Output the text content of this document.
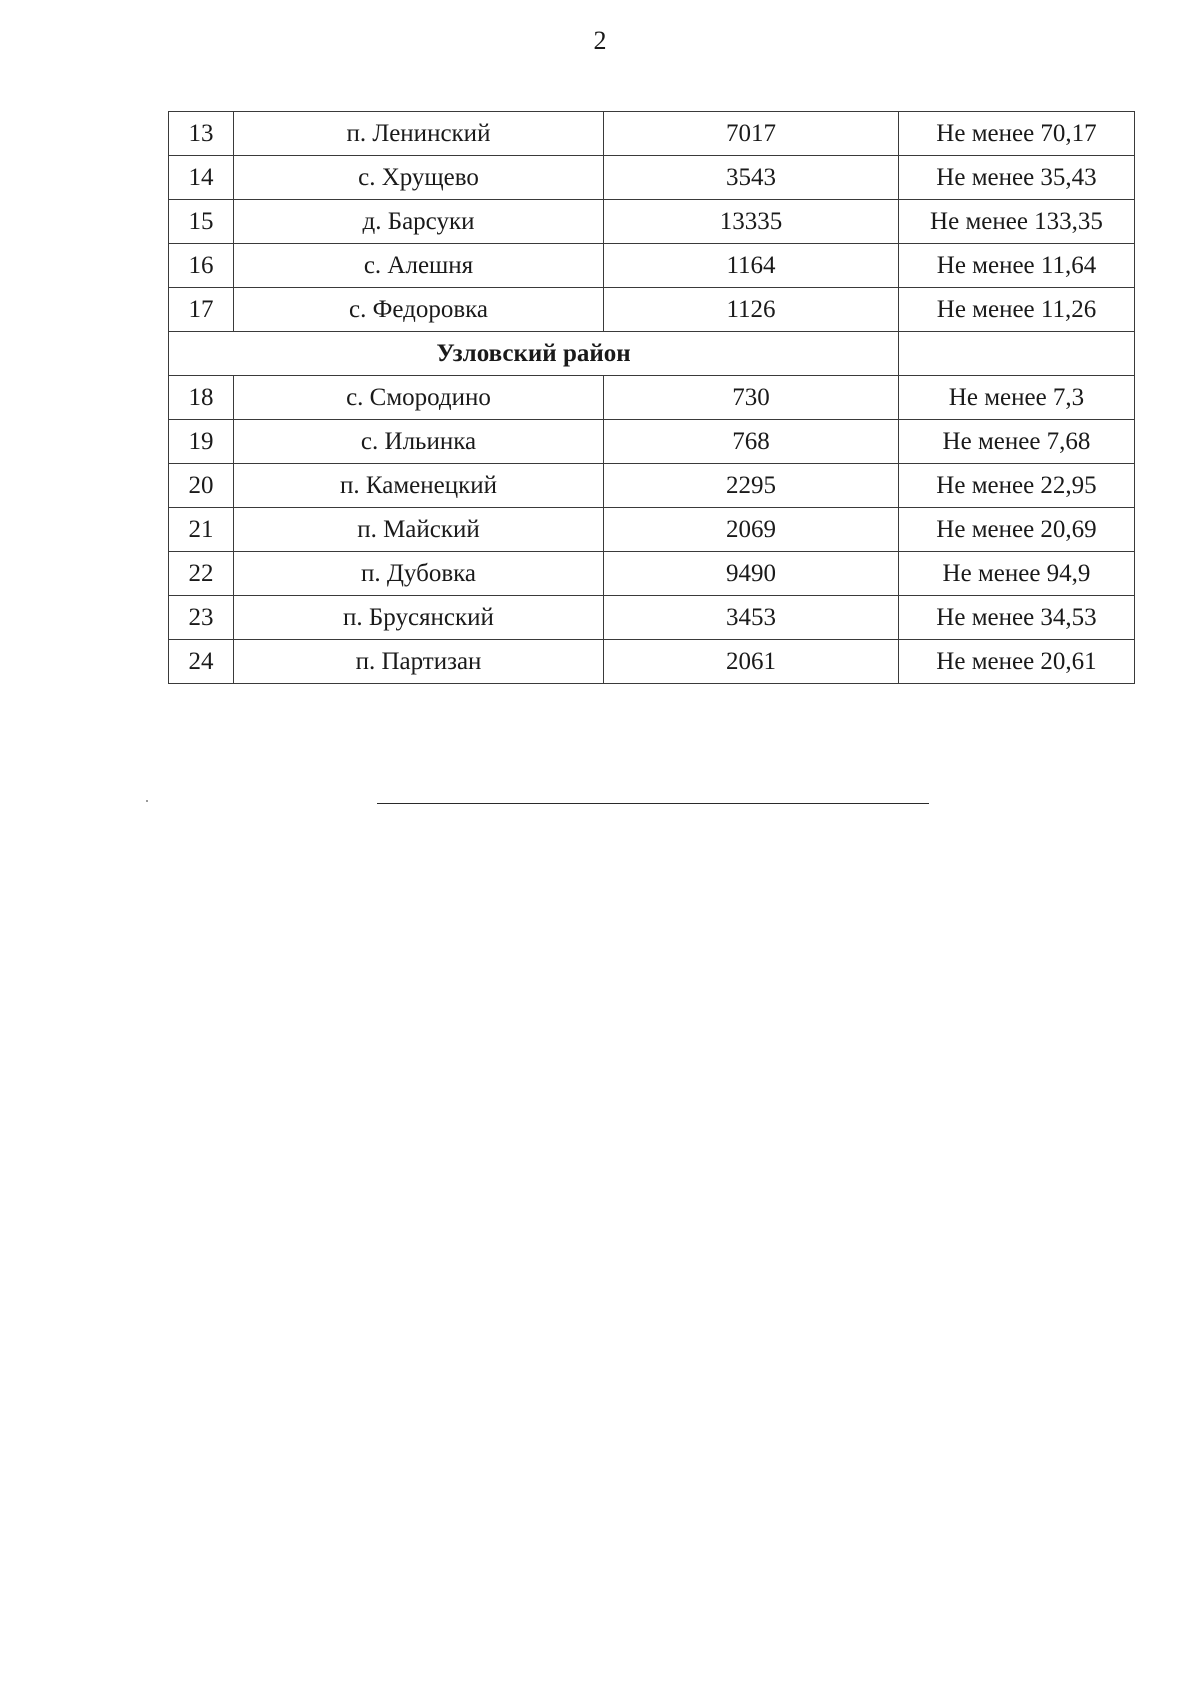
2
13	п. Ленинский	7017	Не менее 70,17
14	с. Хрущево	3543	Не менее 35,43
15	д. Барсуки	13335	Не менее 133,35
16	с. Алешня	1164	Не менее 11,64
17	с. Федоровка	1126	Не менее 11,26
Узловский район			
18	с. Смородино	730	Не менее 7,3
19	с. Ильинка	768	Не менее 7,68
20	п. Каменецкий	2295	Не менее 22,95
21	п. Майский	2069	Не менее 20,69
22	п. Дубовка	9490	Не менее 94,9
23	п. Брусянский	3453	Не менее 34,53
24	п. Партизан	2061	Не менее 20,61
